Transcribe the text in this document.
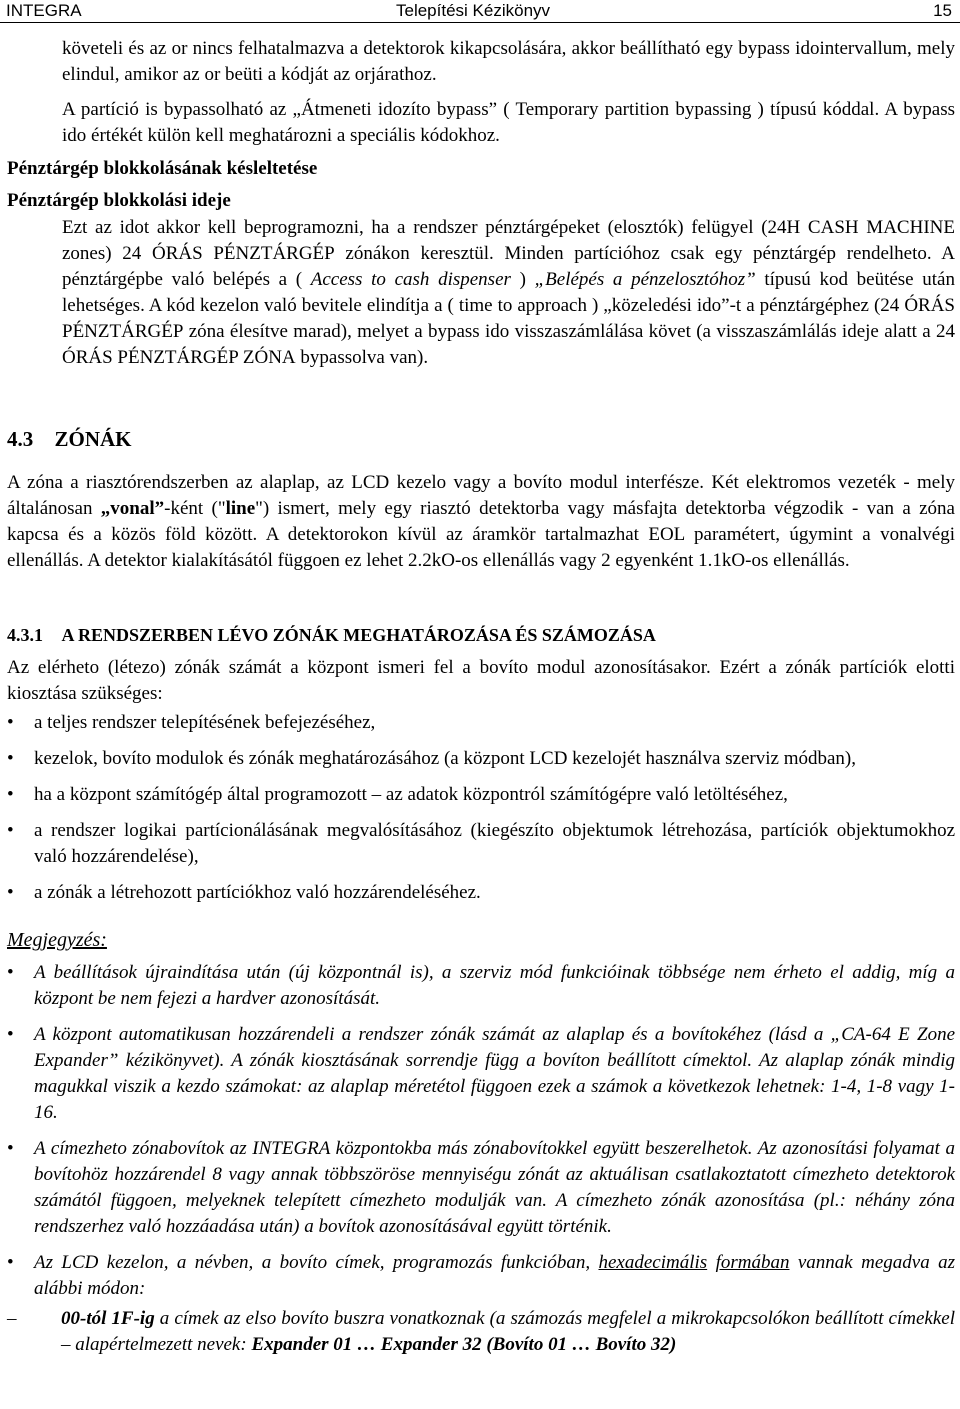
INTEGRA	Telepítési Kézikönyv	15
követeli és az or nincs felhatalmazva a detektorok kikapcsolására, akkor beállítható egy bypass idointervallum, mely elindul, amikor az or beüti a kódját az orjárathoz.
A partíció is bypassolható az „Átmeneti idozíto bypass” ( Temporary partition bypassing ) típusú kóddal. A bypass ido értékét külön kell meghatározni a speciális kódokhoz.
Pénztárgép blokkolásának késleltetése
Pénztárgép blokkolási ideje
Ezt az idot akkor kell beprogramozni, ha a rendszer pénztárgépeket (elosztók) felügyel (24H CASH MACHINE zones) 24 ÓRÁS PÉNZTÁRGÉP zónákon keresztül. Minden partícióhoz csak egy pénztárgép rendelheto. A pénztárgépbe való belépés a ( Access to cash dispenser ) „Belépés a pénzelosztóhoz” típusú kod beütése után lehetséges. A kód kezelon való bevitele elindítja a ( time to approach ) „közeledési ido”-t a pénztárgéphez (24 ÓRÁS PÉNZTÁRGÉP zóna élesítve marad), melyet a bypass ido visszaszámlálása követ (a visszaszámlálás ideje alatt a 24 ÓRÁS PÉNZTÁRGÉP ZÓNA bypassolva van).
4.3 ZÓNÁK
A zóna a riasztórendszerben az alaplap, az LCD kezelo vagy a bovíto modul interfésze. Két elektromos vezeték - mely általánosan „vonal”-ként ("line") ismert, mely egy riasztó detektorba vagy másfajta detektorba végzodik - van a zóna kapcsa és a közös föld között. A detektorokon kívül az áramkör tartalmazhat EOL paramétert, úgymint a vonalvégi ellenállás. A detektor kialakításától függoen ez lehet 2.2kO-os ellenállás vagy 2 egyenként 1.1kO-os ellenállás.
4.3.1 A RENDSZERBEN LÉVO ZÓNÁK MEGHATÁROZÁSA ÉS SZÁMOZÁSA
Az elérheto (létezo) zónák számát a központ ismeri fel a bovíto modul azonosításakor. Ezért a zónák partíciók elotti kiosztása szükséges:
• a teljes rendszer telepítésének befejezéséhez,
• kezelok, bovíto modulok és zónák meghatározásához (a központ LCD kezelojét használva szerviz módban),
• ha a központ számítógép által programozott – az adatok központról számítógépre való letöltéséhez,
• a rendszer logikai partícionálásának megvalósításához (kiegészíto objektumok létrehozása, partíciók objektumokhoz való hozzárendelése),
• a zónák a létrehozott partíciókhoz való hozzárendeléséhez.
Megjegyzés:
• A beállítások újraindítása után (új központnál is), a szerviz mód funkcióinak többsége nem érheto el addig, míg a központ be nem fejezi a hardver azonosítását.
• A központ automatikusan hozzárendeli a rendszer zónák számát az alaplap és a bovítokéhez (lásd a „CA-64 E Zone Expander” kézikönyvet). A zónák kiosztásának sorrendje függ a bovíton beállított címektol. Az alaplap zónák mindig magukkal viszik a kezdo számokat: az alaplap méretétol függoen ezek a számok a következok lehetnek: 1-4, 1-8 vagy 1-16.
• A címezheto zónabovítok az INTEGRA központokba más zónabovítokkel együtt beszerelhetok. Az azonosítási folyamat a bovítohöz hozzárendel 8 vagy annak többszöröse mennyiségu zónát az aktuálisan csatlakoztatott címezheto detektorok számától függoen, melyeknek telepített címezheto modulják van. A címezheto zónák azonosítása (pl.: néhány zóna rendszerhez való hozzáadása után) a bovítok azonosításával együtt történik.
• Az LCD kezelon, a névben, a bovíto címek, programozás funkcióban, hexadecimális formában vannak megadva az alábbi módon:
– 00-tól 1F-ig a címek az elso bovíto buszra vonatkoznak (a számozás megfelel a mikrokapcsolókon beállított címekkel – alapértelmezett nevek: Expander 01 … Expander 32 (Bovíto 01 … Bovíto 32)
